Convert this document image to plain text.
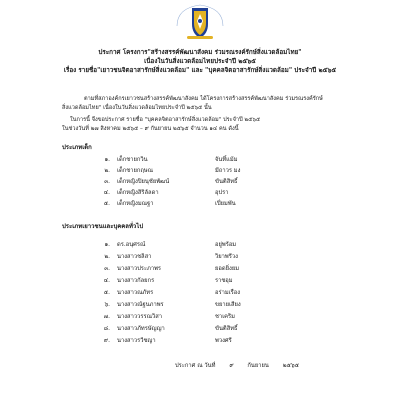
ประกาศ โครงการ"สร้างสรรค์พัฒนาสังคม ร่วมรณรงค์รักษ์สิ่งแวดล้อมไทย"
เนื่องในวันสิ่งแวดล้อมไทยประจำปี ๒๕๖๕
เรื่อง รายชื่อ"เยาวชนจิตอาสารักษ์สิ่งแวดล้อม" และ "บุคคลจิตอาสารักษ์สิ่งแวดล้อม" ประจำปี ๒๕๖๕
ตามที่สภาองค์กรเยาวชนสร้างสรรค์พัฒนาสังคม ได้โครงการสร้างสรรค์พัฒนาสังคม ร่วมรณรงค์รักษ์
สิ่งแวดล้อมไทย" เนื่องในวันสิ่งแวดล้อมไทยประจำปี ๒๕๖๕ นั้น
ในการนี้ จึงขอประกาศ รายชื่อ "บุคคลจิตอาสารักษ์สิ่งแวดล้อม" ประจำปี ๒๕๖๕
ในช่วงวันที่ ๒๗ สิงหาคม ๒๕๖๕ – ๙ กันยายน ๒๕๖๕ จำนวน ๑๔ คน ดังนี้
ประเภทเด็ก
๑. เด็กชายกวิน	จันทิ์แม้ม
๒. เด็กชายกฤษณ	มีถาวร มง
๓. เด็กหญิงปิยนุชัยพัฒน์	ขันติสิทธิ์
๔. เด็กหญิงสิริลัลดา	อุปรา
๕. เด็กหญิงมณฐา	เปี่ยมพัน
ประเภทเยาวชนและบุคคลทั่วไป
๑. ดร.อนุศรณ์	อยู่พร้อม
๒. นางสาวชลิสา	วิยาพรีวง
๓. นางสาวประภาพร	ยอดยิ่งยม
๔. นางสาวกัลยกร	ราชอุม
๕. นางสาวณภัทร	อร่ามเรือง
๖. นางสาวณัฐนภาพร	ขยายเสียง
๗. นางสาววรรณวิสา	ชาเคริม
๘. นางสาวภัทรษัญญา	ขันติสิทธิ์
๙. นางสาวรวีชญา	พวงศรี
ประกาศ ณ วันที่ ๙ กันยายน ๒๕๖๕
